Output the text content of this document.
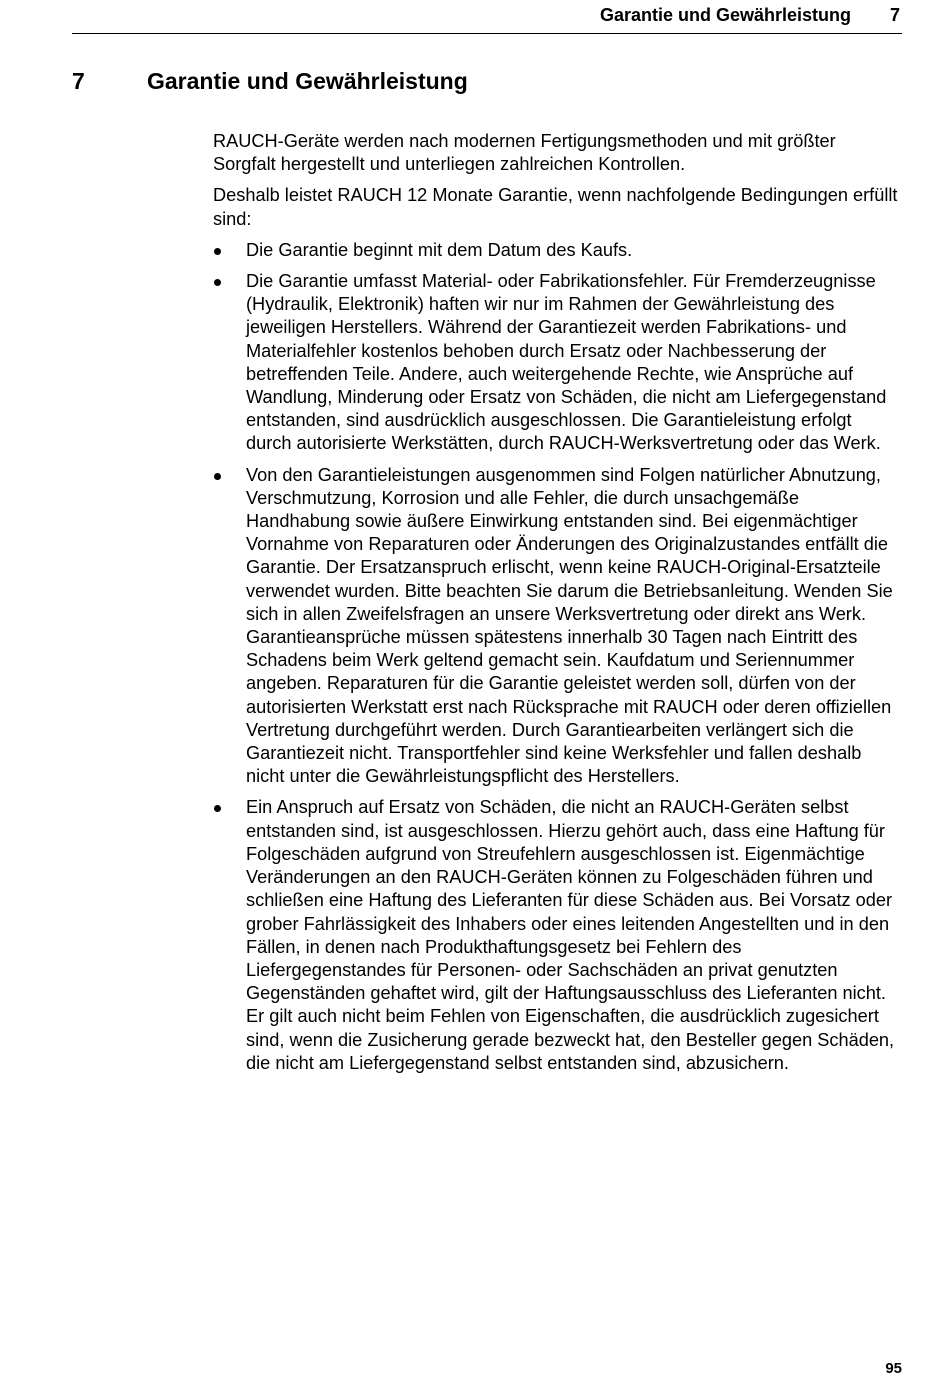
Garantie und Gewährleistung 7
7	Garantie und Gewährleistung

RAUCH-Geräte werden nach modernen Fertigungsmethoden und mit größter Sorgfalt hergestellt und unterliegen zahlreichen Kontrollen.

Deshalb leistet RAUCH 12 Monate Garantie, wenn nachfolgende Bedingungen erfüllt sind:

Die Garantie beginnt mit dem Datum des Kaufs.
Die Garantie umfasst Material- oder Fabrikationsfehler. Für Fremderzeugnisse (Hydraulik, Elektronik) haften wir nur im Rahmen der Gewährleistung des jeweiligen Herstellers. Während der Garantiezeit werden Fabrikations- und Materialfehler kostenlos behoben durch Ersatz oder Nachbesserung der betreffenden Teile. Andere, auch weitergehende Rechte, wie Ansprüche auf Wandlung, Minderung oder Ersatz von Schäden, die nicht am Liefergegenstand entstanden, sind ausdrücklich ausgeschlossen. Die Garantieleistung erfolgt durch autorisierte Werkstätten, durch RAUCH-Werksvertretung oder das Werk.
Von den Garantieleistungen ausgenommen sind Folgen natürlicher Abnutzung, Verschmutzung, Korrosion und alle Fehler, die durch unsachgemäße Handhabung sowie äußere Einwirkung entstanden sind. Bei eigenmächtiger Vornahme von Reparaturen oder Änderungen des Originalzustandes entfällt die Garantie. Der Ersatzanspruch erlischt, wenn keine RAUCH-Original-Ersatzteile verwendet wurden. Bitte beachten Sie darum die Betriebsanleitung. Wenden Sie sich in allen Zweifelsfragen an unsere Werksvertretung oder direkt ans Werk. Garantieansprüche müssen spätestens innerhalb 30 Tagen nach Eintritt des Schadens beim Werk geltend gemacht sein. Kaufdatum und Seriennummer angeben. Reparaturen für die Garantie geleistet werden soll, dürfen von der autorisierten Werkstatt erst nach Rücksprache mit RAUCH oder deren offiziellen Vertretung durchgeführt werden. Durch Garantiearbeiten verlängert sich die Garantiezeit nicht. Transportfehler sind keine Werksfehler und fallen deshalb nicht unter die Gewährleistungspflicht des Herstellers.
Ein Anspruch auf Ersatz von Schäden, die nicht an RAUCH-Geräten selbst entstanden sind, ist ausgeschlossen. Hierzu gehört auch, dass eine Haftung für Folgeschäden aufgrund von Streufehlern ausgeschlossen ist. Eigenmächtige Veränderungen an den RAUCH-Geräten können zu Folgeschäden führen und schließen eine Haftung des Lieferanten für diese Schäden aus. Bei Vorsatz oder grober Fahrlässigkeit des Inhabers oder eines leitenden Angestellten und in den Fällen, in denen nach Produkthaftungsgesetz bei Fehlern des Liefergegenstandes für Personen- oder Sachschäden an privat genutzten Gegenständen gehaftet wird, gilt der Haftungsausschluss des Lieferanten nicht. Er gilt auch nicht beim Fehlen von Eigenschaften, die ausdrücklich zugesichert sind, wenn die Zusicherung gerade bezweckt hat, den Besteller gegen Schäden, die nicht am Liefergegenstand selbst entstanden sind, abzusichern.
95
